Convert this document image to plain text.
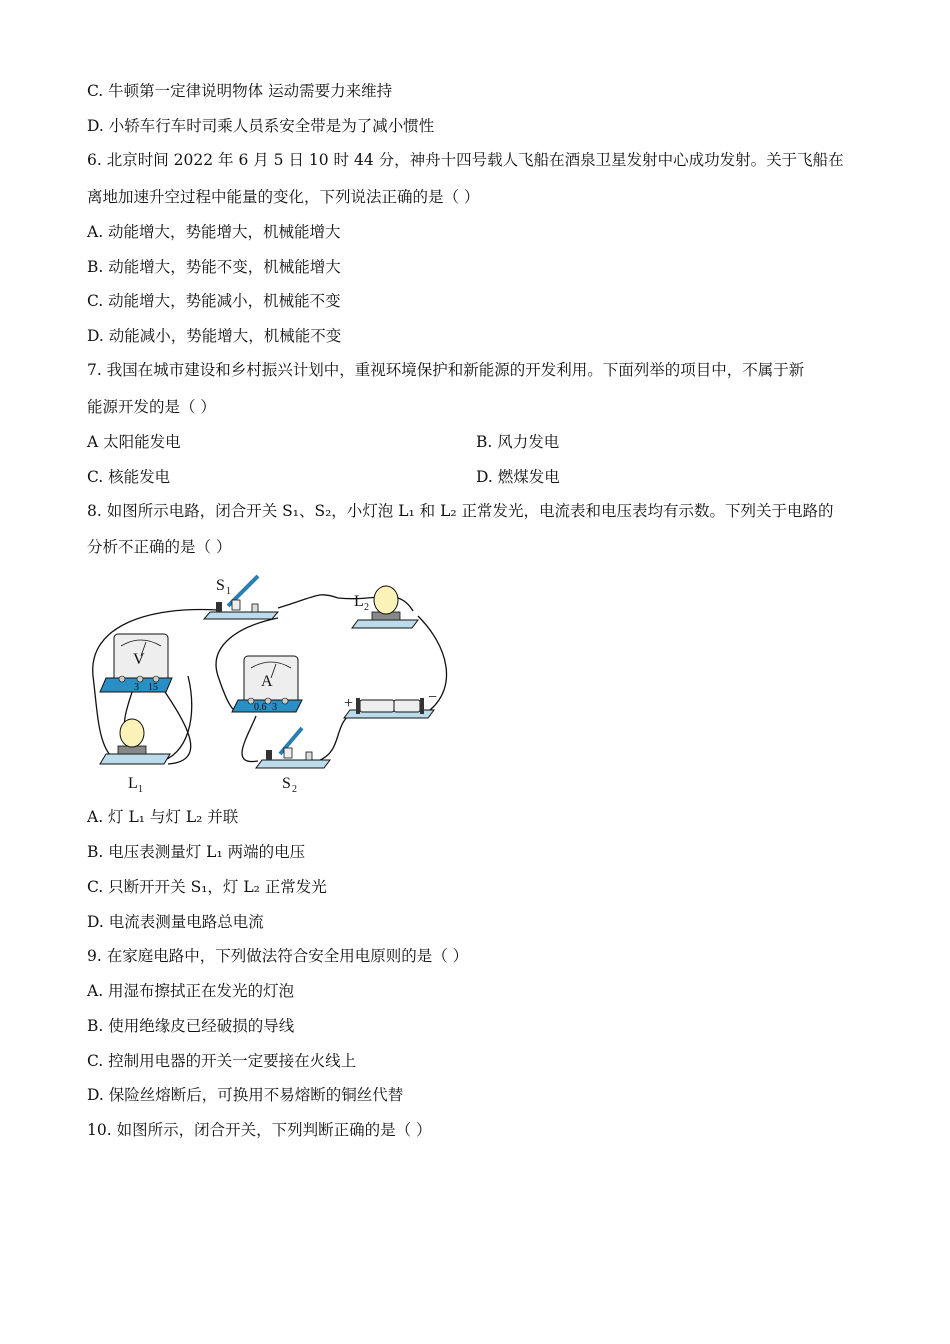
C. 牛顿第一定律说明物体 运动需要力来维持
D. 小轿车行车时司乘人员系安全带是为了减小惯性
6. 北京时间 2022 年 6 月 5 日 10 时 44 分，神舟十四号载人飞船在酒泉卫星发射中心成功发射。关于飞船在
离地加速升空过程中能量的变化，下列说法正确的是（ ）
A. 动能增大，势能增大，机械能增大
B. 动能增大，势能不变，机械能增大
C. 动能增大，势能减小，机械能不变
D. 动能减小，势能增大，机械能不变
7. 我国在城市建设和乡村振兴计划中，重视环境保护和新能源的开发利用。下面列举的项目中，不属于新
能源开发的是（ ）
A 太阳能发电	B. 风力发电
C. 核能发电	D. 燃煤发电
8. 如图所示电路，闭合开关 S₁、S₂，小灯泡 L₁ 和 L₂ 正常发光，电流表和电压表均有示数。下列关于电路的
分析不正确的是（ ）
S 1
L 2
V
3 15	A
0.6 3	+	−
L 1	S 2
A. 灯 L₁ 与灯 L₂ 并联
B. 电压表测量灯 L₁ 两端的电压
C. 只断开开关 S₁，灯 L₂ 正常发光
D. 电流表测量电路总电流
9. 在家庭电路中，下列做法符合安全用电原则的是（ ）
A. 用湿布擦拭正在发光的灯泡
B. 使用绝缘皮已经破损的导线
C. 控制用电器的开关一定要接在火线上
D. 保险丝熔断后，可换用不易熔断的铜丝代替
10. 如图所示，闭合开关，下列判断正确的是（ ）
